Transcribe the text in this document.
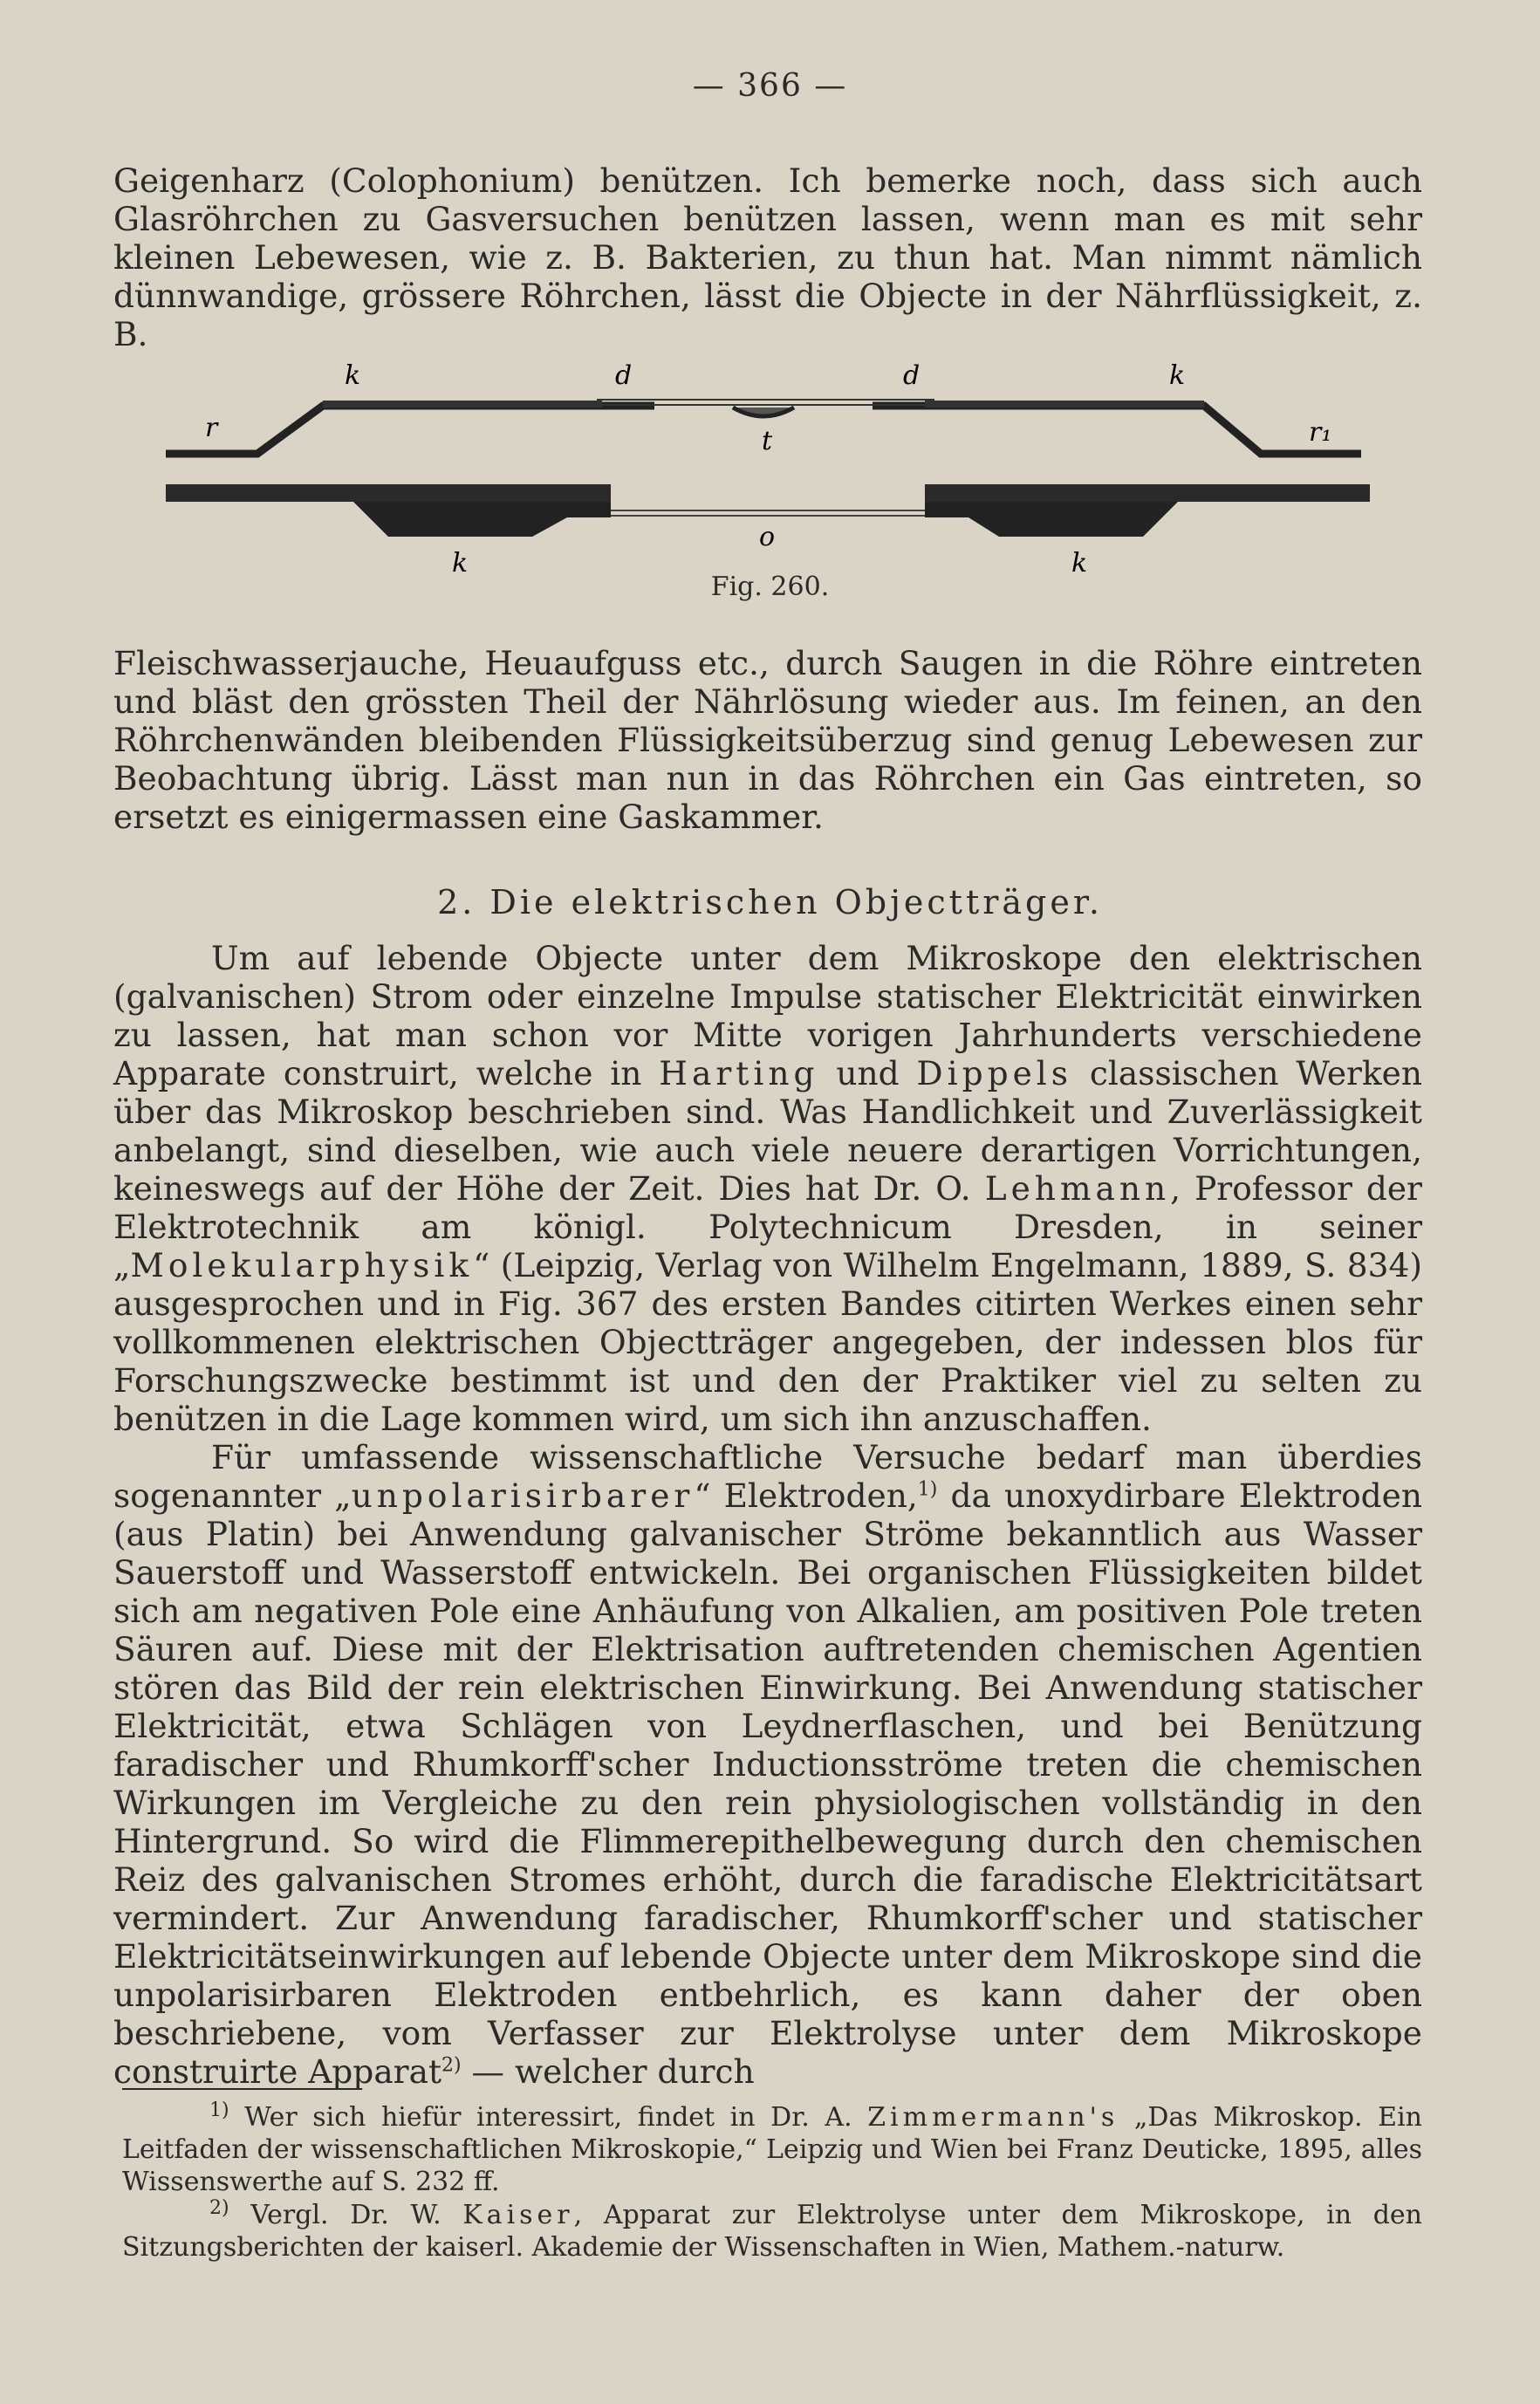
— 366 —

Geigenharz (Colophonium) benützen. Ich bemerke noch, dass sich auch Glasröhrchen zu Gasversuchen benützen lassen, wenn man es mit sehr kleinen Lebewesen, wie z. B. Bakterien, zu thun hat. Man nimmt nämlich dünnwandige, grössere Röhrchen, lässt die Objecte in der Nährflüssigkeit, z. B.

k	d	d	k
r	r₁
t
o
k	k
Fig. 260.

Fleischwasserjauche, Heuaufguss etc., durch Saugen in die Röhre eintreten und bläst den grössten Theil der Nährlösung wieder aus. Im feinen, an den Röhrchenwänden bleibenden Flüssigkeitsüberzug sind genug Lebewesen zur Beobachtung übrig. Lässt man nun in das Röhrchen ein Gas eintreten, so ersetzt es einigermassen eine Gaskammer.

2. Die elektrischen Objectträger.

Um auf lebende Objecte unter dem Mikroskope den elektrischen (galvanischen) Strom oder einzelne Impulse statischer Elektricität einwirken zu lassen, hat man schon vor Mitte vorigen Jahrhunderts verschiedene Apparate construirt, welche in Harting und Dippels classischen Werken über das Mikroskop beschrieben sind. Was Handlichkeit und Zuverlässigkeit anbelangt, sind dieselben, wie auch viele neuere derartigen Vorrichtungen, keineswegs auf der Höhe der Zeit. Dies hat Dr. O. Lehmann, Professor der Elektrotechnik am königl. Polytechnicum Dresden, in seiner „Molekularphysik“ (Leipzig, Verlag von Wilhelm Engelmann, 1889, S. 834) ausgesprochen und in Fig. 367 des ersten Bandes citirten Werkes einen sehr vollkommenen elektrischen Objectträger angegeben, der indessen blos für Forschungszwecke bestimmt ist und den der Praktiker viel zu selten zu benützen in die Lage kommen wird, um sich ihn anzuschaffen.

Für umfassende wissenschaftliche Versuche bedarf man überdies sogenannter „unpolarisirbarer“ Elektroden,$^{1)}$ da unoxydirbare Elektroden (aus Platin) bei Anwendung galvanischer Ströme bekanntlich aus Wasser Sauerstoff und Wasserstoff entwickeln. Bei organischen Flüssigkeiten bildet sich am negativen Pole eine Anhäufung von Alkalien, am positiven Pole treten Säuren auf. Diese mit der Elektrisation auftretenden chemischen Agentien stören das Bild der rein elektrischen Einwirkung. Bei Anwendung statischer Elektricität, etwa Schlägen von Leydnerflaschen, und bei Benützung faradischer und Rhumkorff'scher Inductionsströme treten die chemischen Wirkungen im Vergleiche zu den rein physiologischen vollständig in den Hintergrund. So wird die Flimmerepithelbewegung durch den chemischen Reiz des galvanischen Stromes erhöht, durch die faradische Elektricitätsart vermindert. Zur Anwendung faradischer, Rhumkorff'scher und statischer Elektricitätseinwirkungen auf lebende Objecte unter dem Mikroskope sind die unpolarisirbaren Elektroden entbehrlich, es kann daher der oben beschriebene, vom Verfasser zur Elektrolyse unter dem Mikroskope construirte Apparat$^{2)}$ — welcher durch

$^{1)}$ Wer sich hiefür interessirt, findet in Dr. A. Zimmermann's „Das Mikroskop. Ein Leitfaden der wissenschaftlichen Mikroskopie,“ Leipzig und Wien bei Franz Deuticke, 1895, alles Wissenswerthe auf S. 232 ff.

$^{2)}$ Vergl. Dr. W. Kaiser, Apparat zur Elektrolyse unter dem Mikroskope, in den Sitzungsberichten der kaiserl. Akademie der Wissenschaften in Wien, Mathem.-naturw.
